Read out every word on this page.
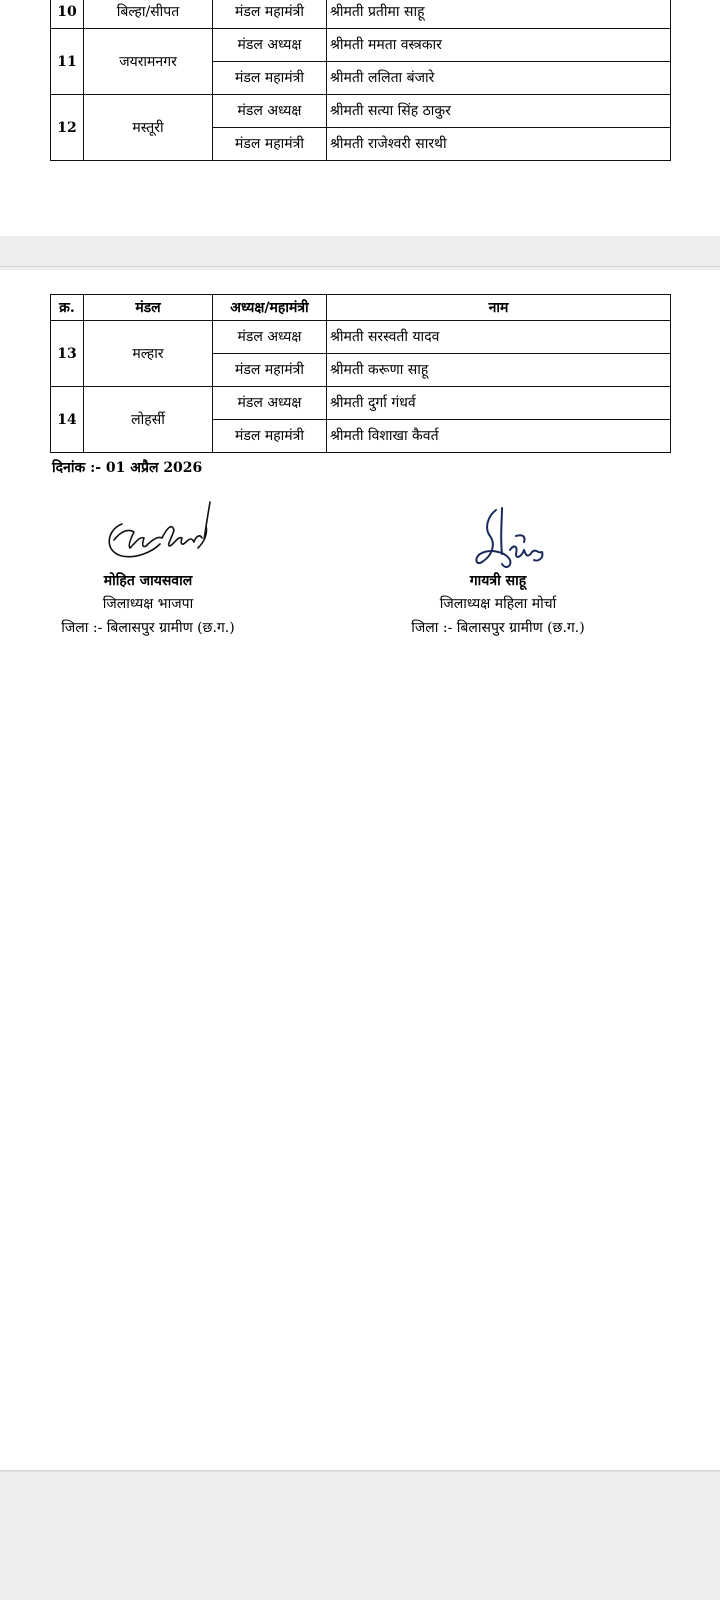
10	बिल्हा/सीपत	मंडल महामंत्री	श्रीमती प्रतीमा साहू
11	जयरामनगर	मंडल अध्यक्ष	श्रीमती ममता वस्त्रकार
		मंडल महामंत्री	श्रीमती ललिता बंजारे
12	मस्तूरी	मंडल अध्यक्ष	श्रीमती सत्या सिंह ठाकुर
		मंडल महामंत्री	श्रीमती राजेश्वरी सारथी
क्र.	मंडल	अध्यक्ष/महामंत्री	नाम
13	मल्हार	मंडल अध्यक्ष	श्रीमती सरस्वती यादव
		मंडल महामंत्री	श्रीमती करूणा साहू
14	लोहर्सी	मंडल अध्यक्ष	श्रीमती दुर्गा गंधर्व
		मंडल महामंत्री	श्रीमती विशाखा कैवर्त
दिनांक :- 01 अप्रैल 2026
मोहित जायसवाल
जिलाध्यक्ष भाजपा
जिला :- बिलासपुर ग्रामीण (छ.ग.)
गायत्री साहू
जिलाध्यक्ष महिला मोर्चा
जिला :- बिलासपुर ग्रामीण (छ.ग.)
